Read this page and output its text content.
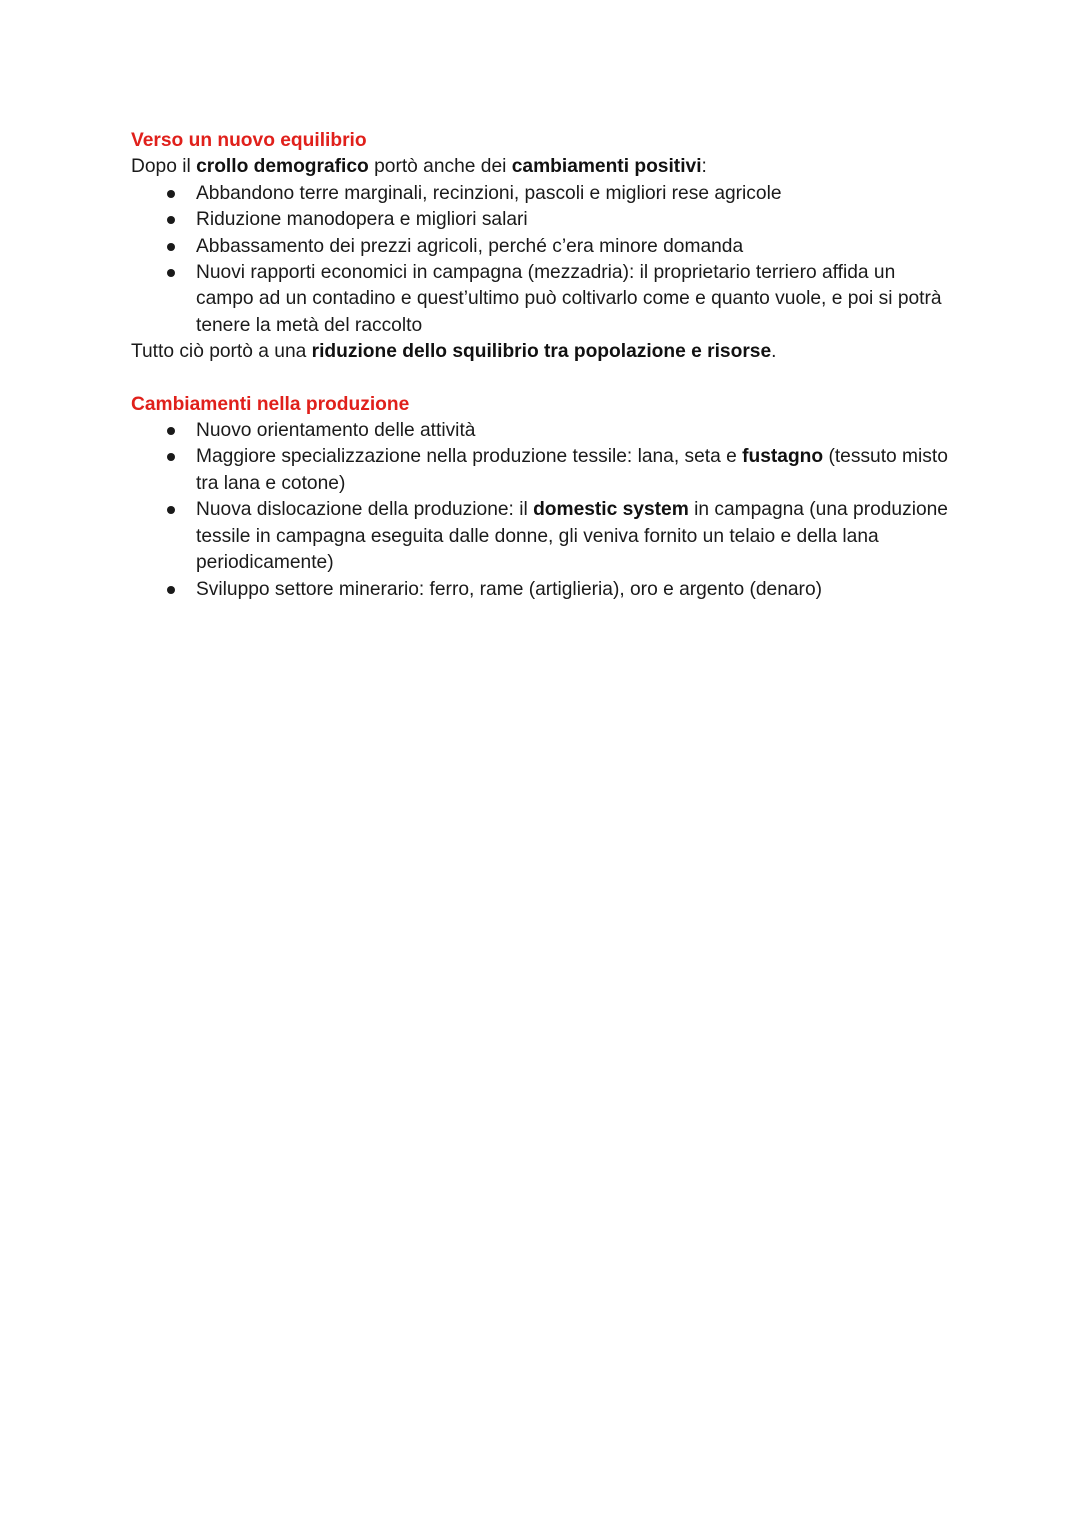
Verso un nuovo equilibrio

Dopo il crollo demografico portò anche dei cambiamenti positivi:

Abbandono terre marginali, recinzioni, pascoli e migliori rese agricole
Riduzione manodopera e migliori salari
Abbassamento dei prezzi agricoli, perché c’era minore domanda
Nuovi rapporti economici in campagna (mezzadria): il proprietario terriero affida un campo ad un contadino e quest’ultimo può coltivarlo come e quanto vuole, e poi si potrà tenere la metà del raccolto

Tutto ciò portò a una riduzione dello squilibrio tra popolazione e risorse.

Cambiamenti nella produzione

Nuovo orientamento delle attività
Maggiore specializzazione nella produzione tessile: lana, seta e fustagno (tessuto misto tra lana e cotone)
Nuova dislocazione della produzione: il domestic system in campagna (una produzione tessile in campagna eseguita dalle donne, gli veniva fornito un telaio e della lana periodicamente)
Sviluppo settore minerario: ferro, rame (artiglieria), oro e argento (denaro)
